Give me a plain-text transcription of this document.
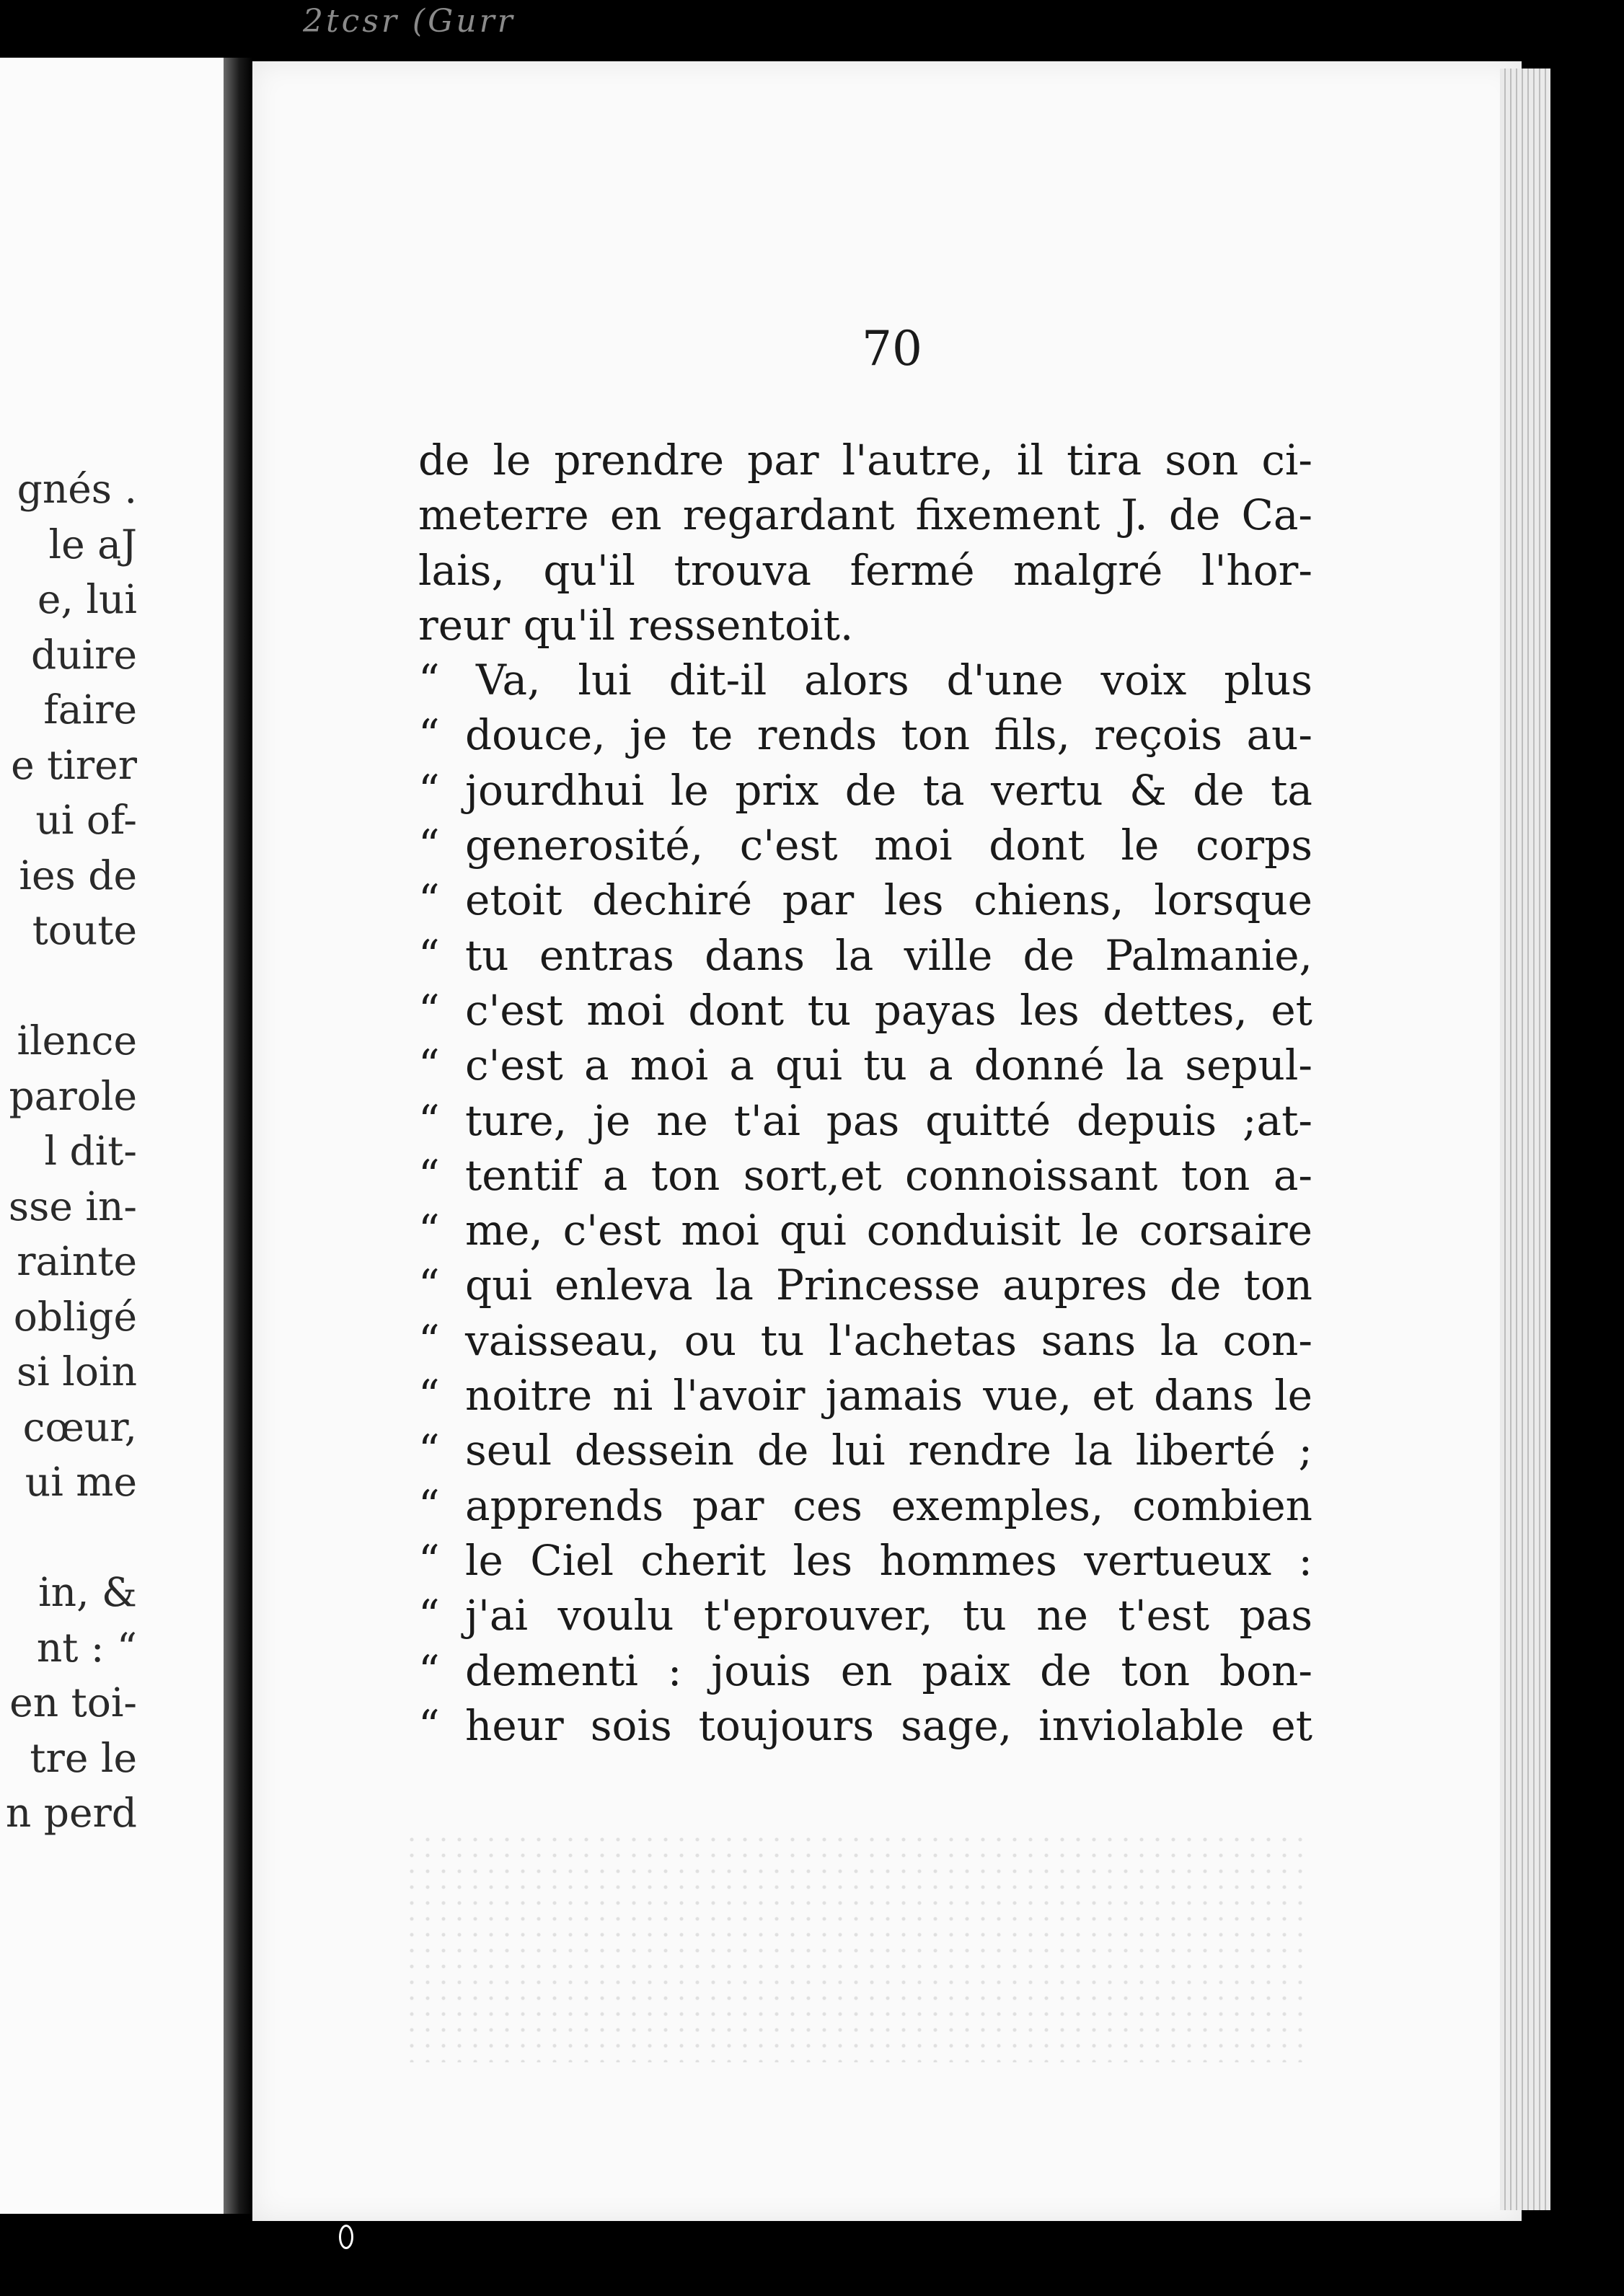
2tcsr (Gurr
gnés .
le aJ
e, lui
duire
faire
e tirer
ui of-
ies de
toute
ilence
parole
l dit-
sse in-
rainte
obligé
si loin
cœur,
ui me
in, &
nt : “
en toi-
tre le
n perd
70
de le prendre par l'autre, il tira son ci-
meterre en regardant fixement J. de Ca-
lais, qu'il trouva fermé malgré l'hor-
reur qu'il ressentoit.
“ Va, lui dit-il alors d'une voix plus
“ douce, je te rends ton fils, reçois au-
“ jourdhui le prix de ta vertu & de ta
“ generosité, c'est moi dont le corps
“ etoit dechiré par les chiens, lorsque
“ tu entras dans la ville de Palmanie,
“ c'est moi dont tu payas les dettes, et
“ c'est a moi a qui tu a donné la sepul-
“ ture, je ne t'ai pas quitté depuis ;at-
“ tentif a ton sort,et connoissant ton a-
“ me, c'est moi qui conduisit le corsaire
“ qui enleva la Princesse aupres de ton
“ vaisseau, ou tu l'achetas sans la con-
“ noitre ni l'avoir jamais vue, et dans le
“ seul dessein de lui rendre la liberté ;
“ apprends par ces exemples, combien
“ le Ciel cherit les hommes vertueux :
“ j'ai voulu t'eprouver, tu ne t'est pas
“ dementi : jouis en paix de ton bon-
“ heur sois toujours sage, inviolable et
